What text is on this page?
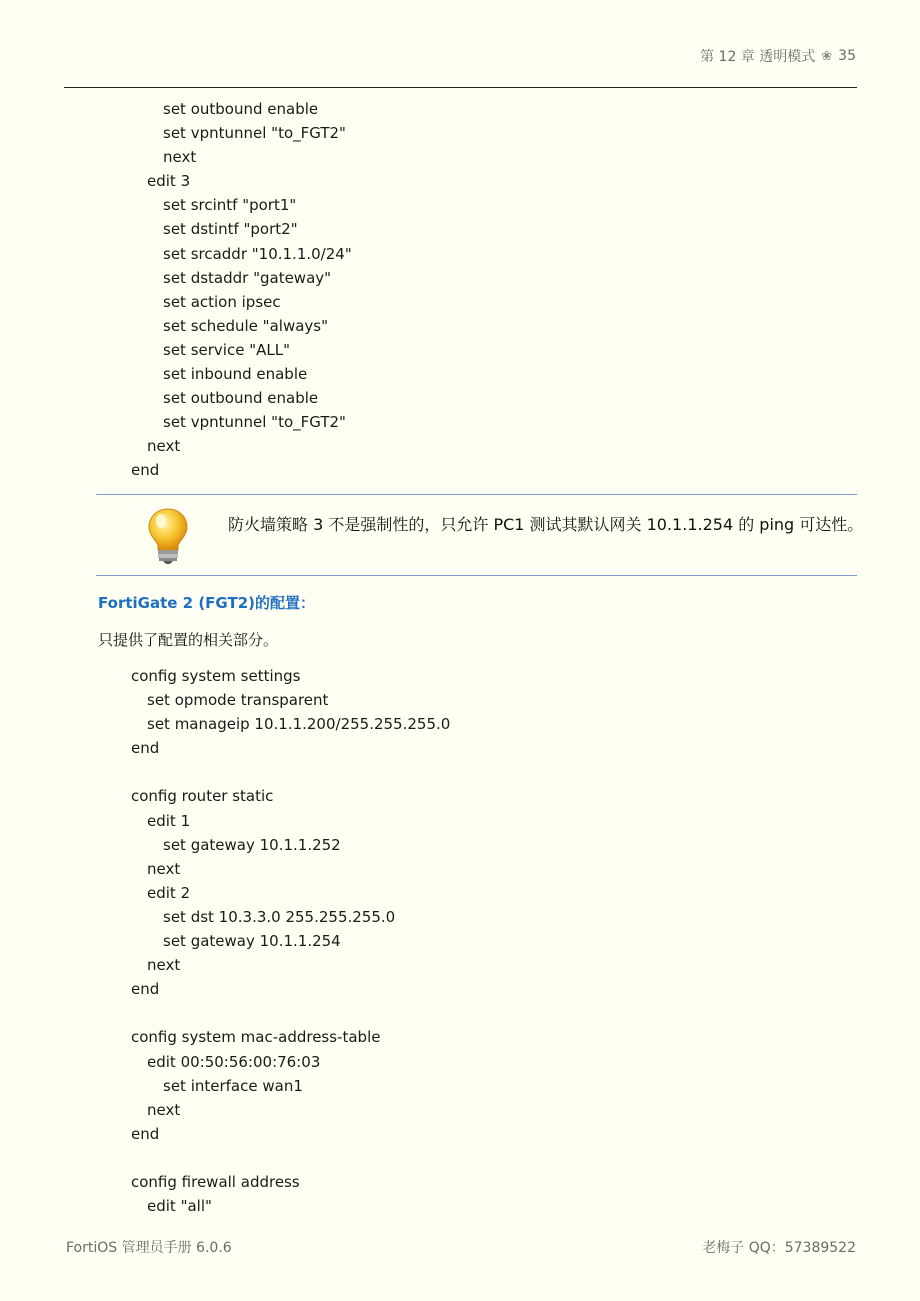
第 12 章 透明模式 ❀ 35
set outbound enable
set vpntunnel "to_FGT2"
next
edit 3
set srcintf "port1"
set dstintf "port2"
set srcaddr "10.1.1.0/24"
set dstaddr "gateway"
set action ipsec
set schedule "always"
set service "ALL"
set inbound enable
set outbound enable
set vpntunnel "to_FGT2"
next
end
防火墙策略 3 不是强制性的，只允许 PC1 测试其默认网关 10.1.1.254 的 ping 可达性。
FortiGate 2 (FGT2)的配置：
只提供了配置的相关部分。
config system settings
set opmode transparent
set manageip 10.1.1.200/255.255.255.0
end
config router static
edit 1
set gateway 10.1.1.252
next
edit 2
set dst 10.3.3.0 255.255.255.0
set gateway 10.1.1.254
next
end
config system mac-address-table
edit 00:50:56:00:76:03
set interface wan1
next
end
config firewall address
edit "all"
FortiOS 管理员手册 6.0.6	老梅子 QQ：57389522
